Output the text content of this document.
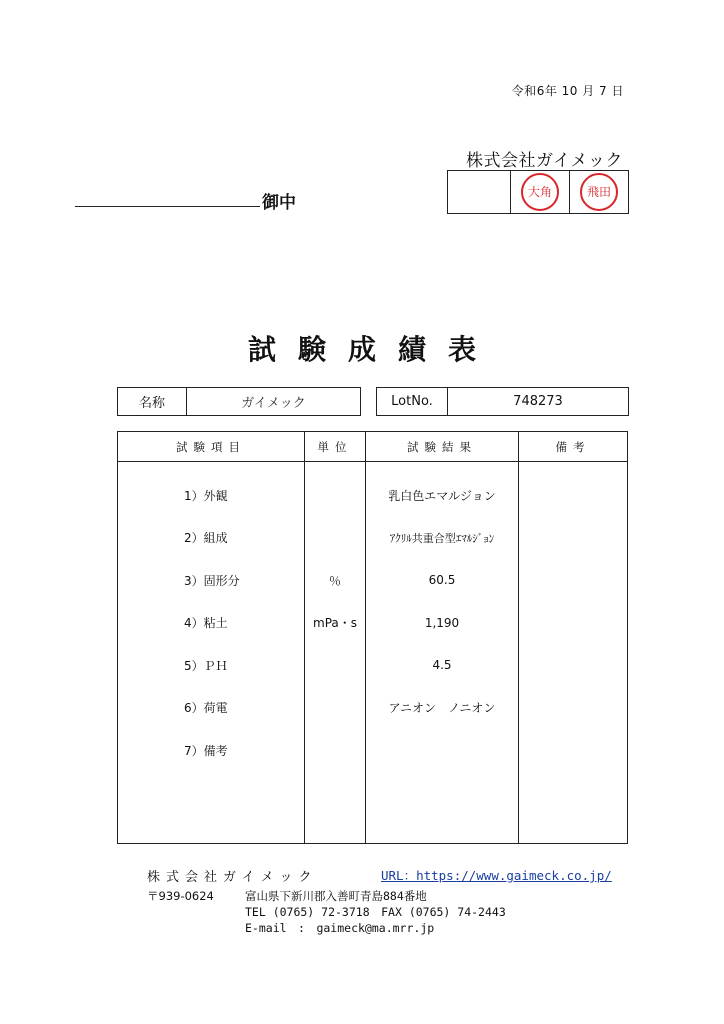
令和6年 10 月 7 日
株式会社ガイメック
大角	飛田
御中
試験成績表
名称	ガイメック	LotNo.	748273
試験項目	単位	試験結果	備考
1）外観		乳白色エマルジョン	
2）組成		ｱｸﾘﾙ共重合型ｴﾏﾙｼﾞｮﾝ	
3）固形分	％	60.5	
4）粘土	mPa・s	1,190	
5）ＰＨ		4.5	
6）荷電		アニオン　ノニオン	
7）備考			

株式会社ガイメック	URL：https://www.gaimeck.co.jp/
〒939-0624	富山県下新川郡入善町青島884番地
TEL (0765) 72-3718　FAX (0765) 74-2443
E-mail　:　gaimeck@ma.mrr.jp
